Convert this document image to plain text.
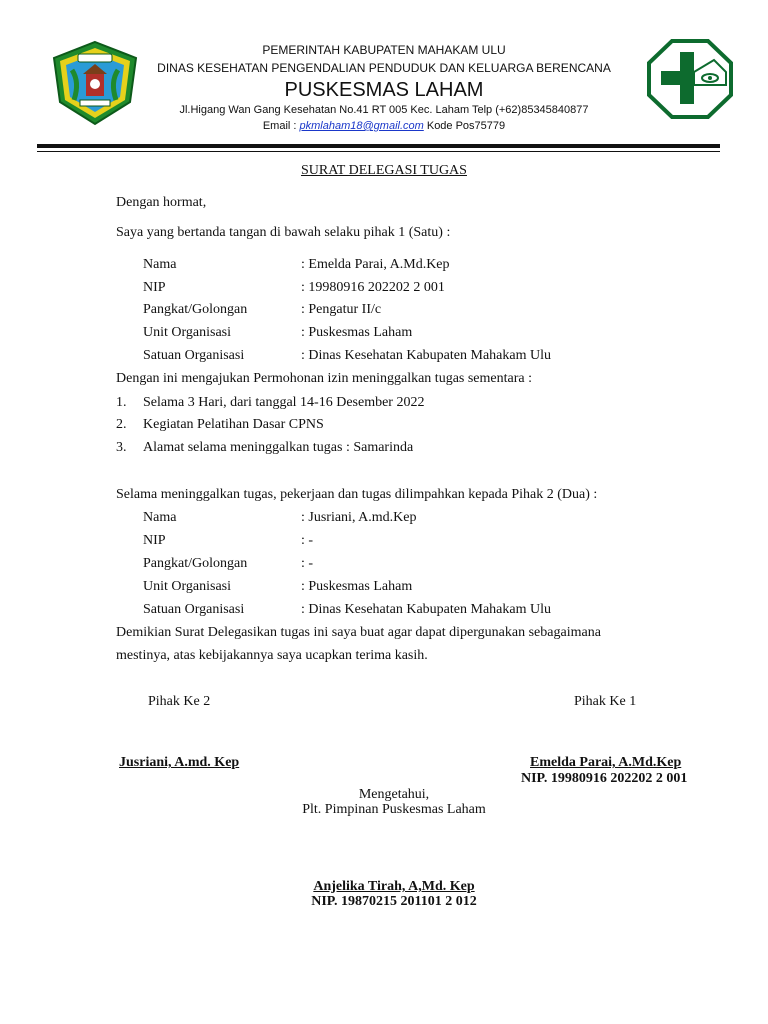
PEMERINTAH KABUPATEN MAHAKAM ULU
DINAS KESEHATAN PENGENDALIAN PENDUDUK DAN KELUARGA BERENCANA
PUSKESMAS LAHAM
Jl.Higang Wan Gang Kesehatan No.41 RT 005 Kec. Laham Telp (+62)85345840877
Email : pkmlaham18@gmail.com Kode Pos75779
SURAT DELEGASI TUGAS
Dengan hormat,
Saya yang bertanda tangan di bawah selaku pihak 1 (Satu) :
Nama	: Emelda Parai, A.Md.Kep
NIP	: 19980916 202202 2 001
Pangkat/Golongan	: Pengatur II/c
Unit Organisasi	: Puskesmas Laham
Satuan Organisasi	: Dinas Kesehatan Kabupaten Mahakam Ulu
Dengan ini mengajukan Permohonan izin meninggalkan tugas sementara :
1. Selama 3 Hari, dari tanggal 14-16 Desember 2022
2. Kegiatan Pelatihan Dasar CPNS
3. Alamat selama meninggalkan tugas : Samarinda
Selama meninggalkan tugas, pekerjaan dan tugas dilimpahkan kepada Pihak 2 (Dua) :
Nama	: Jusriani, A.md.Kep
NIP	: -
Pangkat/Golongan	: -
Unit Organisasi	: Puskesmas Laham
Satuan Organisasi	: Dinas Kesehatan Kabupaten Mahakam Ulu
Demikian Surat Delegasikan tugas ini saya buat agar dapat dipergunakan sebagaimana
mestinya, atas kebijakannya saya ucapkan terima kasih.
Pihak Ke 2	Pihak Ke 1
Jusriani, A.md. Kep	Emelda Parai, A.Md.Kep
NIP. 19980916 202202 2 001
Mengetahui,
Plt. Pimpinan Puskesmas Laham
Anjelika Tirah, A,Md. Kep
NIP. 19870215 201101 2 012
